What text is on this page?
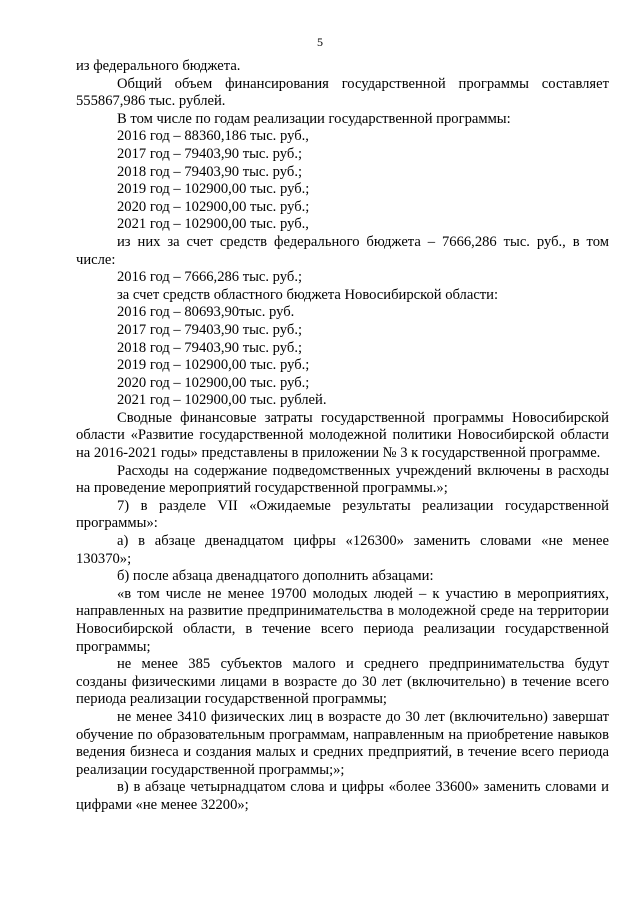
5

из федерального бюджета.

Общий объем финансирования государственной программы составляет 555867,986 тыс. рублей.

В том числе по годам реализации государственной программы:

2016 год – 88360,186 тыс. руб.,

2017 год – 79403,90 тыс. руб.;

2018 год – 79403,90 тыс. руб.;

2019 год – 102900,00 тыс. руб.;

2020 год – 102900,00 тыс. руб.;

2021 год – 102900,00 тыс. руб.,

из них за счет средств федерального бюджета – 7666,286 тыс. руб., в том числе:

2016 год – 7666,286 тыс. руб.;

за счет средств областного бюджета Новосибирской области:

2016 год – 80693,90тыс. руб.

2017 год – 79403,90 тыс. руб.;

2018 год – 79403,90 тыс. руб.;

2019 год – 102900,00 тыс. руб.;

2020 год – 102900,00 тыс. руб.;

2021 год – 102900,00 тыс. рублей.

Сводные финансовые затраты государственной программы Новосибирской области «Развитие государственной молодежной политики Новосибирской области на 2016-2021 годы» представлены в приложении № 3 к государственной программе.

Расходы на содержание подведомственных учреждений включены в расходы на проведение мероприятий государственной программы.»;

7) в разделе VII «Ожидаемые результаты реализации государственной программы»:

а) в абзаце двенадцатом цифры «126300» заменить словами «не менее 130370»;

б) после абзаца двенадцатого дополнить абзацами:

«в том числе не менее 19700 молодых людей – к участию в мероприятиях, направленных на развитие предпринимательства в молодежной среде на территории Новосибирской области, в течение всего периода реализации государственной программы;

не менее 385 субъектов малого и среднего предпринимательства будут созданы физическими лицами в возрасте до 30 лет (включительно) в течение всего периода реализации государственной программы;

не менее 3410 физических лиц в возрасте до 30 лет (включительно) завершат обучение по образовательным программам, направленным на приобретение навыков ведения бизнеса и создания малых и средних предприятий, в течение всего периода реализации государственной программы;»;

в) в абзаце четырнадцатом слова и цифры «более 33600» заменить словами и цифрами «не менее 32200»;
